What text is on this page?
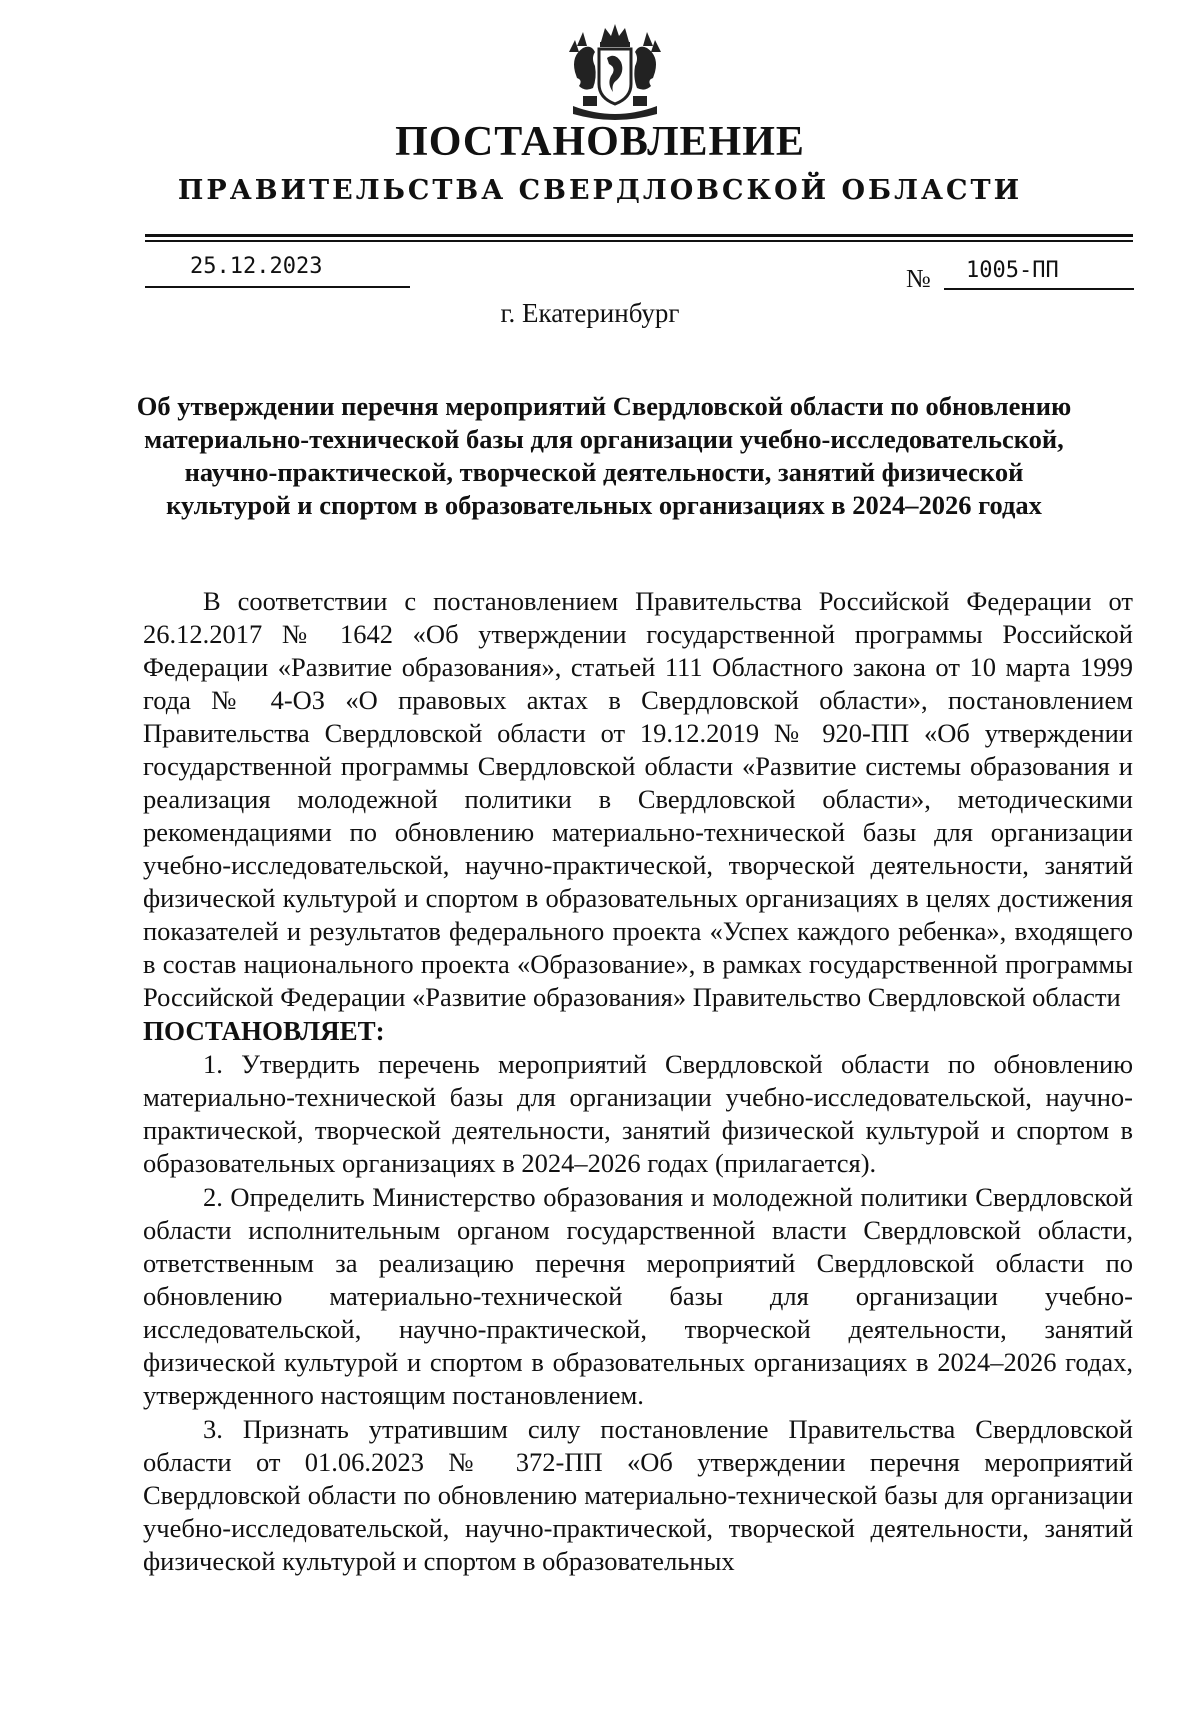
ПОСТАНОВЛЕНИЕ
ПРАВИТЕЛЬСТВА СВЕРДЛОВСКОЙ ОБЛАСТИ
25.12.2023	№ 1005-ПП
г. Екатеринбург
Об утверждении перечня мероприятий Свердловской области по обновлению
материально-технической базы для организации учебно-исследовательской,
научно-практической, творческой деятельности, занятий физической
культурой и спортом в образовательных организациях в 2024–2026 годах

В соответствии с постановлением Правительства Российской Федерации от 26.12.2017 № 1642 «Об утверждении государственной программы Российской Федерации «Развитие образования», статьей 111 Областного закона от 10 марта 1999 года № 4-ОЗ «О правовых актах в Свердловской области», постановлением Правительства Свердловской области от 19.12.2019 № 920-ПП «Об утверждении государственной программы Свердловской области «Развитие системы образования и реализация молодежной политики в Свердловской области», методическими рекомендациями по обновлению материально-технической базы для организации учебно-исследовательской, научно-практической, творческой деятельности, занятий физической культурой и спортом в образовательных организациях в целях достижения показателей и результатов федерального проекта «Успех каждого ребенка», входящего в состав национального проекта «Образование», в рамках государственной программы Российской Федерации «Развитие образования» Правительство Свердловской области

ПОСТАНОВЛЯЕТ:

1. Утвердить перечень мероприятий Свердловской области по обновлению материально-технической базы для организации учебно-исследовательской, научно-практической, творческой деятельности, занятий физической культурой и спортом в образовательных организациях в 2024–2026 годах (прилагается).

2. Определить Министерство образования и молодежной политики Свердловской области исполнительным органом государственной власти Свердловской области, ответственным за реализацию перечня мероприятий Свердловской области по обновлению материально-технической базы для организации учебно-исследовательской, научно-практической, творческой деятельности, занятий физической культурой и спортом в образовательных организациях в 2024–2026 годах, утвержденного настоящим постановлением.

3. Признать утратившим силу постановление Правительства Свердловской области от 01.06.2023 № 372-ПП «Об утверждении перечня мероприятий Свердловской области по обновлению материально-технической базы для организации учебно-исследовательской, научно-практической, творческой деятельности, занятий физической культурой и спортом в образовательных
